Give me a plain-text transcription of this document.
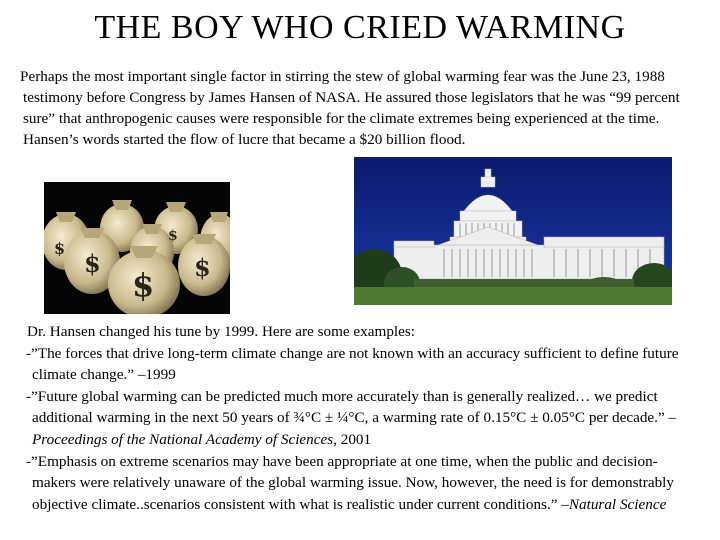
THE BOY WHO CRIED WARMING

Perhaps the most important single factor in stirring the stew of global warming fear was the June 23, 1988 testimony before Congress by James Hansen of NASA. He assured those legislators that he was “99 percent sure” that anthropogenic causes were responsible for the climate extremes being experienced at the time. Hansen’s words started the flow of lucre that became a $20 billion flood.

$	$
$
$
$
Dr. Hansen changed his tune by 1999. Here are some examples:
-”The forces that drive long-term climate change are not known with an accuracy sufficient to define future climate change.” –1999
-”Future global warming can be predicted much more accurately than is generally realized… we predict additional warming in the next 50 years of ¾°C ± ¼°C, a warming rate of 0.15°C ± 0.05°C per decade.” –Proceedings of the National Academy of Sciences, 2001
-”Emphasis on extreme scenarios may have been appropriate at one time, when the public and decision-makers were relatively unaware of the global warming issue. Now, however, the need is for demonstrably objective climate..scenarios consistent with what is realistic under current conditions.” –Natural Science
